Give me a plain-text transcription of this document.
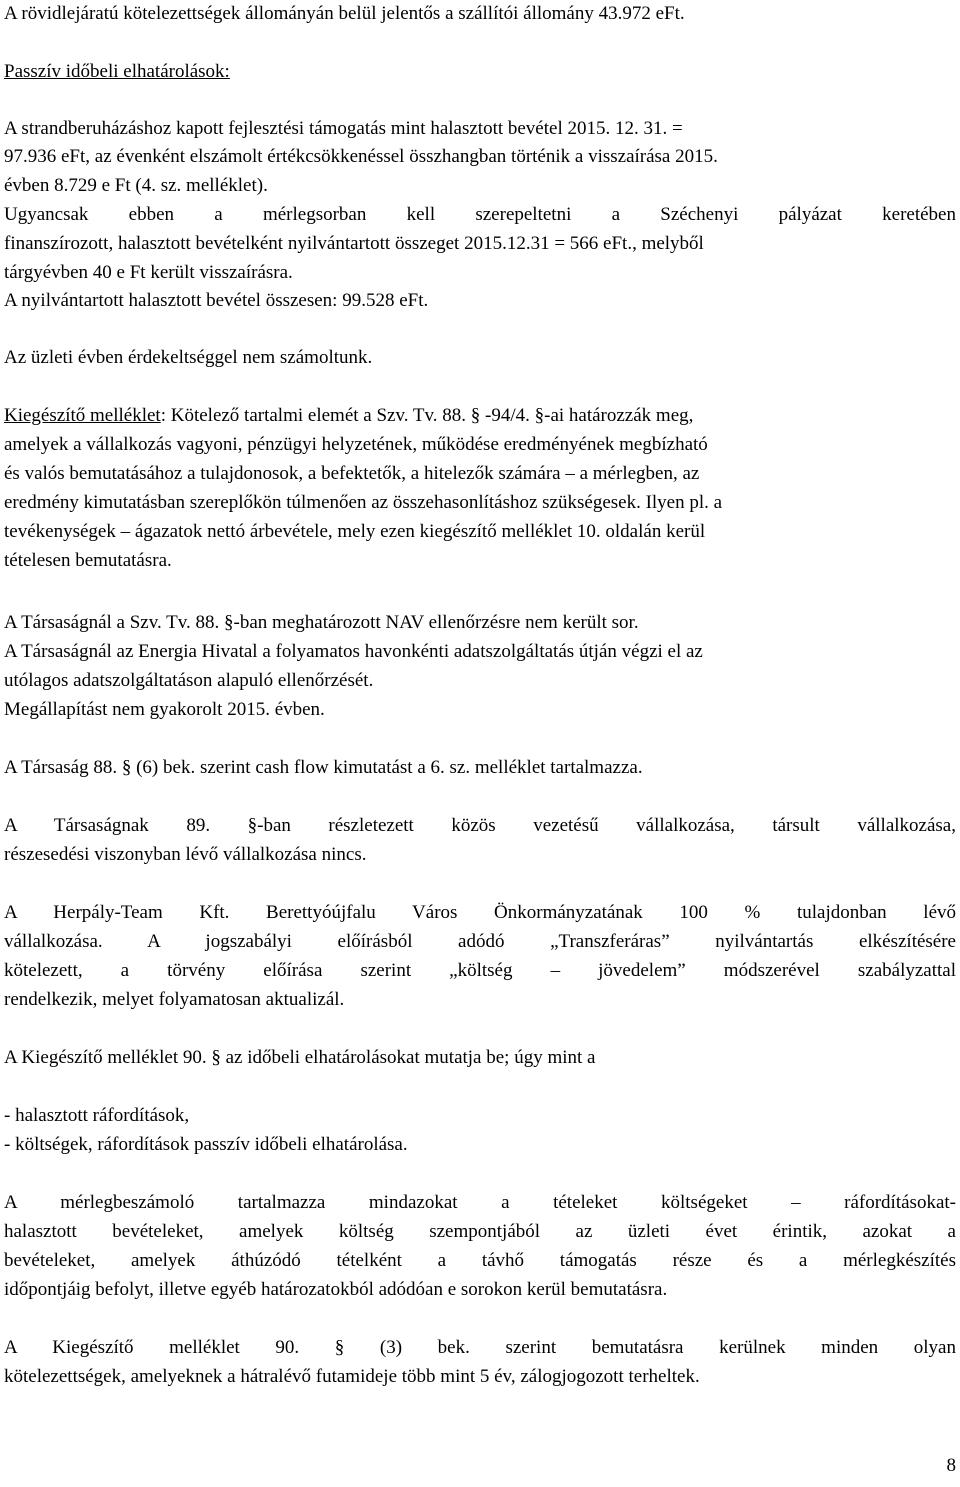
A rövidlejáratú kötelezettségek állományán belül jelentős a szállítói állomány 43.972 eFt.
Passzív időbeli elhatárolások:
A strandberuházáshoz kapott fejlesztési támogatás mint halasztott bevétel 2015. 12. 31. =
97.936 eFt, az évenként elszámolt értékcsökkenéssel összhangban történik a visszaírása 2015.
évben 8.729 e Ft (4. sz. melléklet).
Ugyancsak ebben a mérlegsorban kell szerepeltetni a Széchenyi pályázat keretében
finanszírozott, halasztott bevételként nyilvántartott összeget 2015.12.31 = 566 eFt., melyből
tárgyévben 40 e Ft került visszaírásra.
A nyilvántartott halasztott bevétel összesen: 99.528 eFt.
Az üzleti évben érdekeltséggel nem számoltunk.
Kiegészítő melléklet: Kötelező tartalmi elemét a Szv. Tv. 88. § -94/4. §-ai határozzák meg,
amelyek a vállalkozás vagyoni, pénzügyi helyzetének, működése eredményének megbízható
és valós bemutatásához a tulajdonosok, a befektetők, a hitelezők számára – a mérlegben, az
eredmény kimutatásban szereplőkön túlmenően az összehasonlításhoz szükségesek. Ilyen pl. a
tevékenységek – ágazatok nettó árbevétele, mely ezen kiegészítő melléklet 10. oldalán kerül
tételesen bemutatásra.
A Társaságnál a Szv. Tv. 88. §-ban meghatározott NAV ellenőrzésre nem került sor.
A Társaságnál az Energia Hivatal a folyamatos havonkénti adatszolgáltatás útján végzi el az
utólagos adatszolgáltatáson alapuló ellenőrzését.
Megállapítást nem gyakorolt 2015. évben.
A Társaság 88. § (6) bek. szerint cash flow kimutatást a 6. sz. melléklet tartalmazza.
A Társaságnak 89. §-ban részletezett közös vezetésű vállalkozása, társult vállalkozása,
részesedési viszonyban lévő vállalkozása nincs.
A Herpály-Team Kft. Berettyóújfalu Város Önkormányzatának 100 % tulajdonban lévő
vállalkozása. A jogszabályi előírásból adódó „Transzferáras” nyilvántartás elkészítésére
kötelezett, a törvény előírása szerint „költség – jövedelem” módszerével szabályzattal
rendelkezik, melyet folyamatosan aktualizál.
A Kiegészítő melléklet 90. § az időbeli elhatárolásokat mutatja be; úgy mint a
- halasztott ráfordítások,
- költségek, ráfordítások passzív időbeli elhatárolása.
A mérlegbeszámoló tartalmazza mindazokat a tételeket költségeket – ráfordításokat-
halasztott bevételeket, amelyek költség szempontjából az üzleti évet érintik, azokat a
bevételeket, amelyek áthúzódó tételként a távhő támogatás része és a mérlegkészítés
időpontjáig befolyt, illetve egyéb határozatokból adódóan e sorokon kerül bemutatásra.
A Kiegészítő melléklet 90. § (3) bek. szerint bemutatásra kerülnek minden olyan
kötelezettségek, amelyeknek a hátralévő futamideje több mint 5 év, zálogjogozott terheltek.
8
